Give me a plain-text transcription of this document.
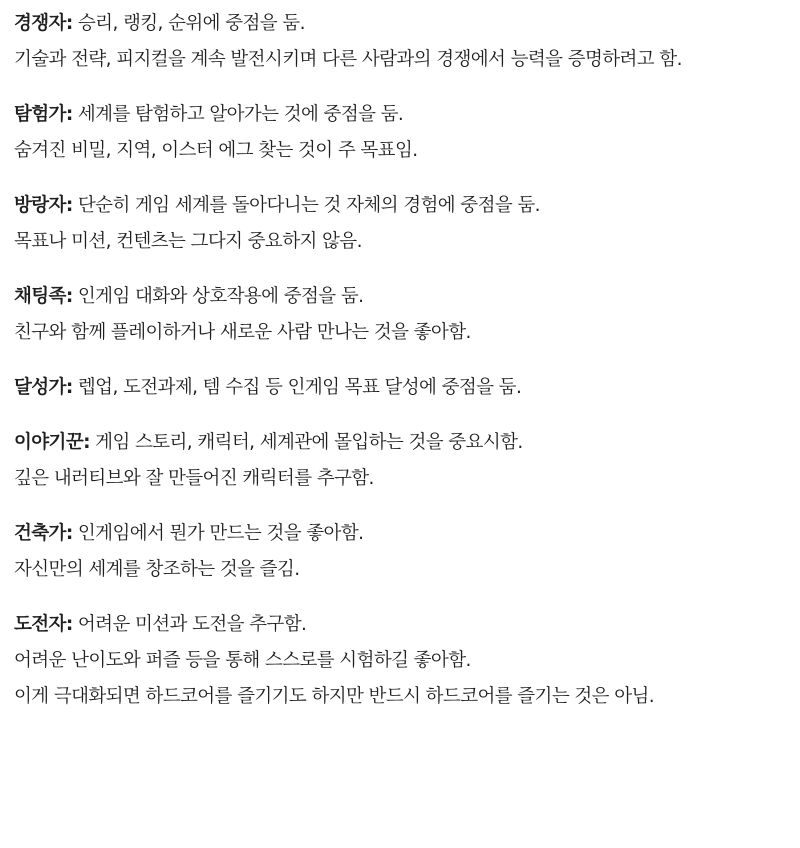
경쟁자: 승리, 랭킹, 순위에 중점을 둠.
기술과 전략, 피지컬을 계속 발전시키며 다른 사람과의 경쟁에서 능력을 증명하려고 함.
탐험가: 세계를 탐험하고 알아가는 것에 중점을 둠.
숨겨진 비밀, 지역, 이스터 에그 찾는 것이 주 목표임.
방랑자: 단순히 게임 세계를 돌아다니는 것 자체의 경험에 중점을 둠.
목표나 미션, 컨텐츠는 그다지 중요하지 않음.
채팅족: 인게임 대화와 상호작용에 중점을 둠.
친구와 함께 플레이하거나 새로운 사람 만나는 것을 좋아함.
달성가: 렙업, 도전과제, 템 수집 등 인게임 목표 달성에 중점을 둠.
이야기꾼: 게임 스토리, 캐릭터, 세계관에 몰입하는 것을 중요시함.
깊은 내러티브와 잘 만들어진 캐릭터를 추구함.
건축가: 인게임에서 뭔가 만드는 것을 좋아함.
자신만의 세계를 창조하는 것을 즐김.
도전자: 어려운 미션과 도전을 추구함.
어려운 난이도와 퍼즐 등을 통해 스스로를 시험하길 좋아함.
이게 극대화되면 하드코어를 즐기기도 하지만 반드시 하드코어를 즐기는 것은 아님.
